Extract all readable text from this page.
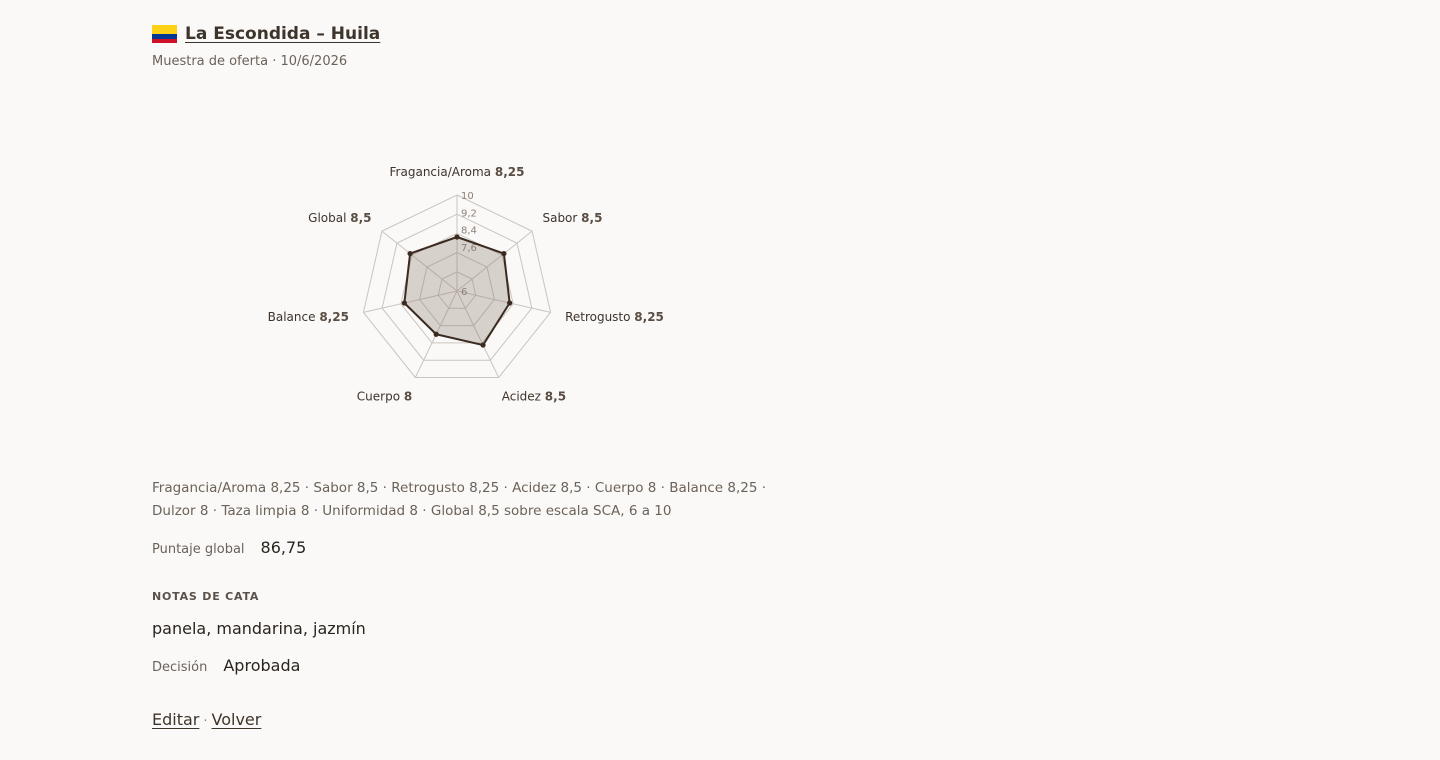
La Escondida – Huila
Muestra de oferta · 10/6/2026
10
9,2
8,4
7,6
6
Fragancia/Aroma 8,25
Sabor 8,5
Retrogusto 8,25
Acidez 8,5
Cuerpo 8
Balance 8,25
Global 8,5
Fragancia/Aroma 8,25 · Sabor 8,5 · Retrogusto 8,25 · Acidez 8,5 · Cuerpo 8 · Balance 8,25 · Dulzor 8 · Taza limpia 8 · Uniformidad 8 · Global 8,5 sobre escala SCA, 6 a 10
Puntaje global 86,75
NOTAS DE CATA
panela, mandarina, jazmín
Decisión Aprobada
Editar · Volver
